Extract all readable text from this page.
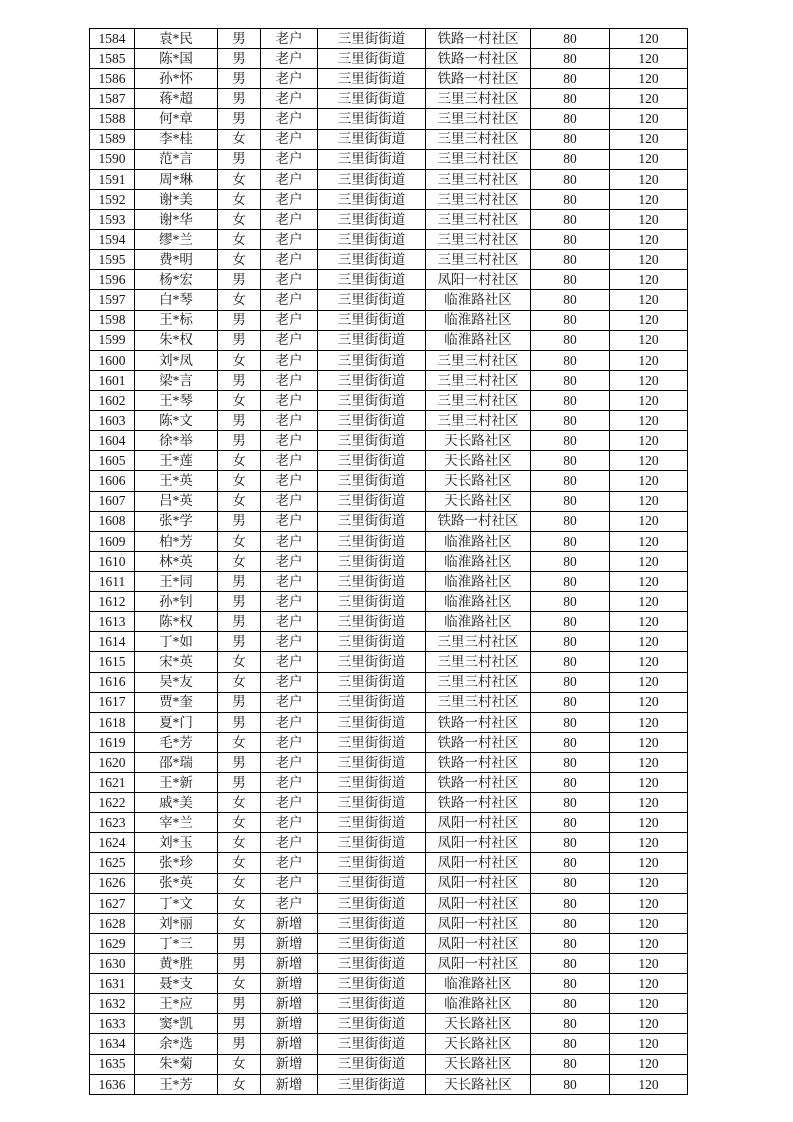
1584	袁*民	男	老户	三里街街道	铁路一村社区	80	120
1585	陈*国	男	老户	三里街街道	铁路一村社区	80	120
1586	孙*怀	男	老户	三里街街道	铁路一村社区	80	120
1587	蒋*超	男	老户	三里街街道	三里三村社区	80	120
1588	何*章	男	老户	三里街街道	三里三村社区	80	120
1589	李*桂	女	老户	三里街街道	三里三村社区	80	120
1590	范*言	男	老户	三里街街道	三里三村社区	80	120
1591	周*琳	女	老户	三里街街道	三里三村社区	80	120
1592	谢*美	女	老户	三里街街道	三里三村社区	80	120
1593	谢*华	女	老户	三里街街道	三里三村社区	80	120
1594	缪*兰	女	老户	三里街街道	三里三村社区	80	120
1595	费*明	女	老户	三里街街道	三里三村社区	80	120
1596	杨*宏	男	老户	三里街街道	凤阳一村社区	80	120
1597	白*琴	女	老户	三里街街道	临淮路社区	80	120
1598	王*标	男	老户	三里街街道	临淮路社区	80	120
1599	朱*权	男	老户	三里街街道	临淮路社区	80	120
1600	刘*凤	女	老户	三里街街道	三里三村社区	80	120
1601	梁*言	男	老户	三里街街道	三里三村社区	80	120
1602	王*琴	女	老户	三里街街道	三里三村社区	80	120
1603	陈*文	男	老户	三里街街道	三里三村社区	80	120
1604	徐*举	男	老户	三里街街道	天长路社区	80	120
1605	王*莲	女	老户	三里街街道	天长路社区	80	120
1606	王*英	女	老户	三里街街道	天长路社区	80	120
1607	吕*英	女	老户	三里街街道	天长路社区	80	120
1608	张*学	男	老户	三里街街道	铁路一村社区	80	120
1609	柏*芳	女	老户	三里街街道	临淮路社区	80	120
1610	林*英	女	老户	三里街街道	临淮路社区	80	120
1611	王*同	男	老户	三里街街道	临淮路社区	80	120
1612	孙*钊	男	老户	三里街街道	临淮路社区	80	120
1613	陈*权	男	老户	三里街街道	临淮路社区	80	120
1614	丁*如	男	老户	三里街街道	三里三村社区	80	120
1615	宋*英	女	老户	三里街街道	三里三村社区	80	120
1616	吴*友	女	老户	三里街街道	三里三村社区	80	120
1617	贾*奎	男	老户	三里街街道	三里三村社区	80	120
1618	夏*门	男	老户	三里街街道	铁路一村社区	80	120
1619	毛*芳	女	老户	三里街街道	铁路一村社区	80	120
1620	邵*瑞	男	老户	三里街街道	铁路一村社区	80	120
1621	王*新	男	老户	三里街街道	铁路一村社区	80	120
1622	戚*美	女	老户	三里街街道	铁路一村社区	80	120
1623	宰*兰	女	老户	三里街街道	凤阳一村社区	80	120
1624	刘*玉	女	老户	三里街街道	凤阳一村社区	80	120
1625	张*珍	女	老户	三里街街道	凤阳一村社区	80	120
1626	张*英	女	老户	三里街街道	凤阳一村社区	80	120
1627	丁*文	女	老户	三里街街道	凤阳一村社区	80	120
1628	刘*丽	女	新增	三里街街道	凤阳一村社区	80	120
1629	丁*三	男	新增	三里街街道	凤阳一村社区	80	120
1630	黄*胜	男	新增	三里街街道	凤阳一村社区	80	120
1631	聂*支	女	新增	三里街街道	临淮路社区	80	120
1632	王*应	男	新增	三里街街道	临淮路社区	80	120
1633	窦*凯	男	新增	三里街街道	天长路社区	80	120
1634	余*选	男	新增	三里街街道	天长路社区	80	120
1635	朱*菊	女	新增	三里街街道	天长路社区	80	120
1636	王*芳	女	新增	三里街街道	天长路社区	80	120
